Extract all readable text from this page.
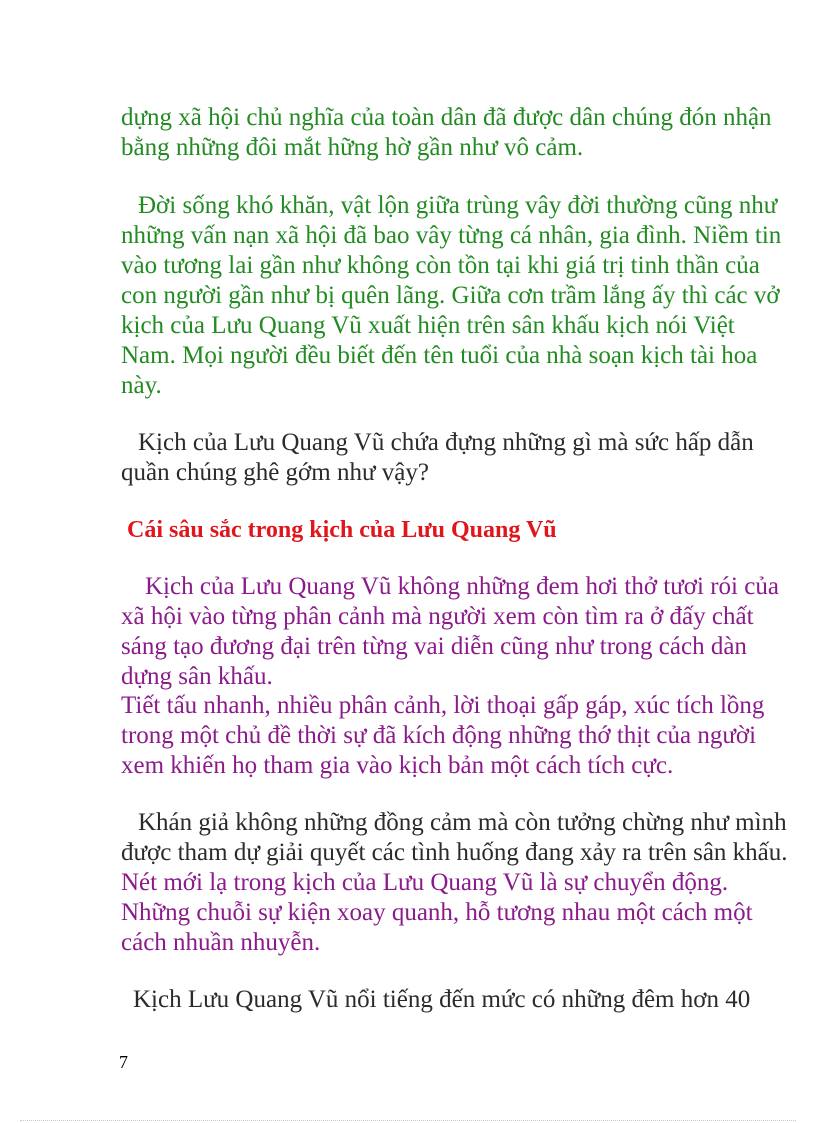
dựng xã hội chủ nghĩa của toàn dân đã được dân chúng đón nhận

bằng những đôi mắt hững hờ gần như vô cảm.

Đời sống khó khăn, vật lộn giữa trùng vây đời thường cũng như

những vấn nạn xã hội đã bao vây từng cá nhân, gia đình. Niềm tin

vào tương lai gần như không còn tồn tại khi giá trị tinh thần của

con người gần như bị quên lãng. Giữa cơn trầm lắng ấy thì các vở

kịch của Lưu Quang Vũ xuất hiện trên sân khấu kịch nói Việt

Nam. Mọi người đều biết đến tên tuổi của nhà soạn kịch tài hoa

này.

Kịch của Lưu Quang Vũ chứa đựng những gì mà sức hấp dẫn

quần chúng ghê gớm như vậy?

Cái sâu sắc trong kịch của Lưu Quang Vũ

Kịch của Lưu Quang Vũ không những đem hơi thở tươi rói của

xã hội vào từng phân cảnh mà người xem còn tìm ra ở đấy chất

sáng tạo đương đại trên từng vai diễn cũng như trong cách dàn

dựng sân khấu.

Tiết tấu nhanh, nhiều phân cảnh, lời thoại gấp gáp, xúc tích lồng

trong một chủ đề thời sự đã kích động những thớ thịt của người

xem khiến họ tham gia vào kịch bản một cách tích cực.

Khán giả không những đồng cảm mà còn tưởng chừng như mình

được tham dự giải quyết các tình huống đang xảy ra trên sân khấu.

Nét mới lạ trong kịch của Lưu Quang Vũ là sự chuyển động.

Những chuỗi sự kiện xoay quanh, hỗ tương nhau một cách một

cách nhuần nhuyễn.

Kịch Lưu Quang Vũ nổi tiếng đến mức có những đêm hơn 40

7
